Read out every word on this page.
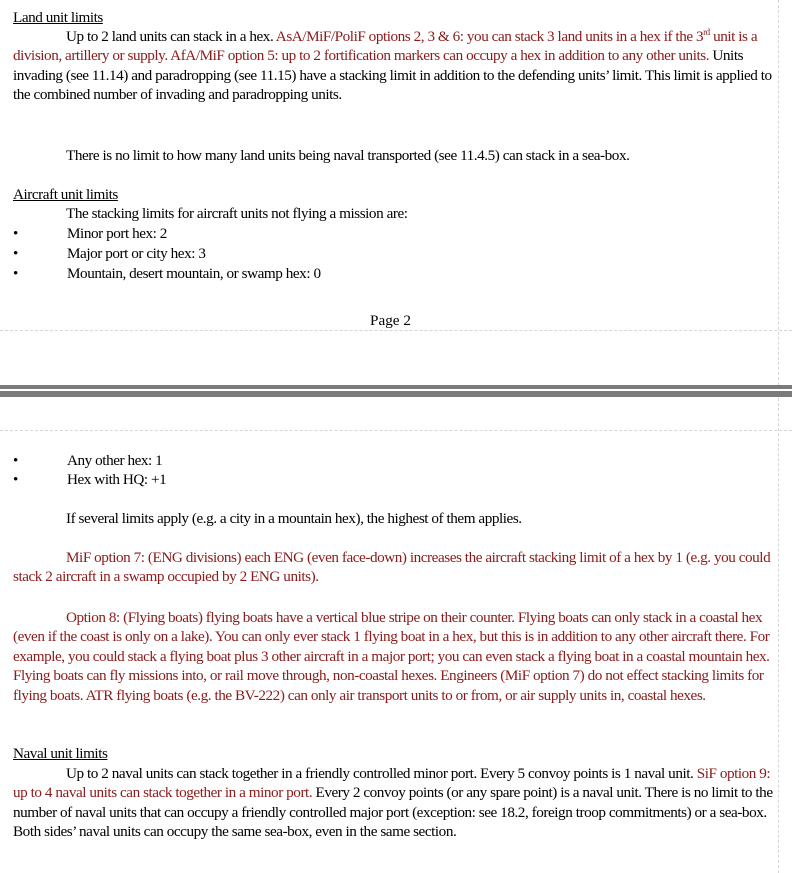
Land unit limits
Up to 2 land units can stack in a hex. AsA/MiF/PoliF options 2, 3 & 6: you can stack 3 land units in a hex if the 3rd unit is a division, artillery or supply. AfA/MiF option 5: up to 2 fortification markers can occupy a hex in addition to any other units. Units invading (see 11.14) and paradropping (see 11.15) have a stacking limit in addition to the defending units’ limit. This limit is applied to the combined number of invading and paradropping units.
There is no limit to how many land units being naval transported (see 11.4.5) can stack in a sea-box.
Aircraft unit limits
The stacking limits for aircraft units not flying a mission are:
•	Minor port hex: 2
•	Major port or city hex: 3
•	Mountain, desert mountain, or swamp hex: 0
Page 2
•	Any other hex: 1
•	Hex with HQ: +1
If several limits apply (e.g. a city in a mountain hex), the highest of them applies.
MiF option 7: (ENG divisions) each ENG (even face-down) increases the aircraft stacking limit of a hex by 1 (e.g. you could stack 2 aircraft in a swamp occupied by 2 ENG units).
Option 8: (Flying boats) flying boats have a vertical blue stripe on their counter. Flying boats can only stack in a coastal hex (even if the coast is only on a lake). You can only ever stack 1 flying boat in a hex, but this is in addition to any other aircraft there. For example, you could stack a flying boat plus 3 other aircraft in a major port; you can even stack a flying boat in a coastal mountain hex. Flying boats can fly missions into, or rail move through, non-coastal hexes. Engineers (MiF option 7) do not effect stacking limits for flying boats. ATR flying boats (e.g. the BV-222) can only air transport units to or from, or air supply units in, coastal hexes.
Naval unit limits
Up to 2 naval units can stack together in a friendly controlled minor port. Every 5 convoy points is 1 naval unit. SiF option 9: up to 4 naval units can stack together in a minor port. Every 2 convoy points (or any spare point) is a naval unit. There is no limit to the number of naval units that can occupy a friendly controlled major port (exception: see 18.2, foreign troop commitments) or a sea-box. Both sides’ naval units can occupy the same sea-box, even in the same section.
